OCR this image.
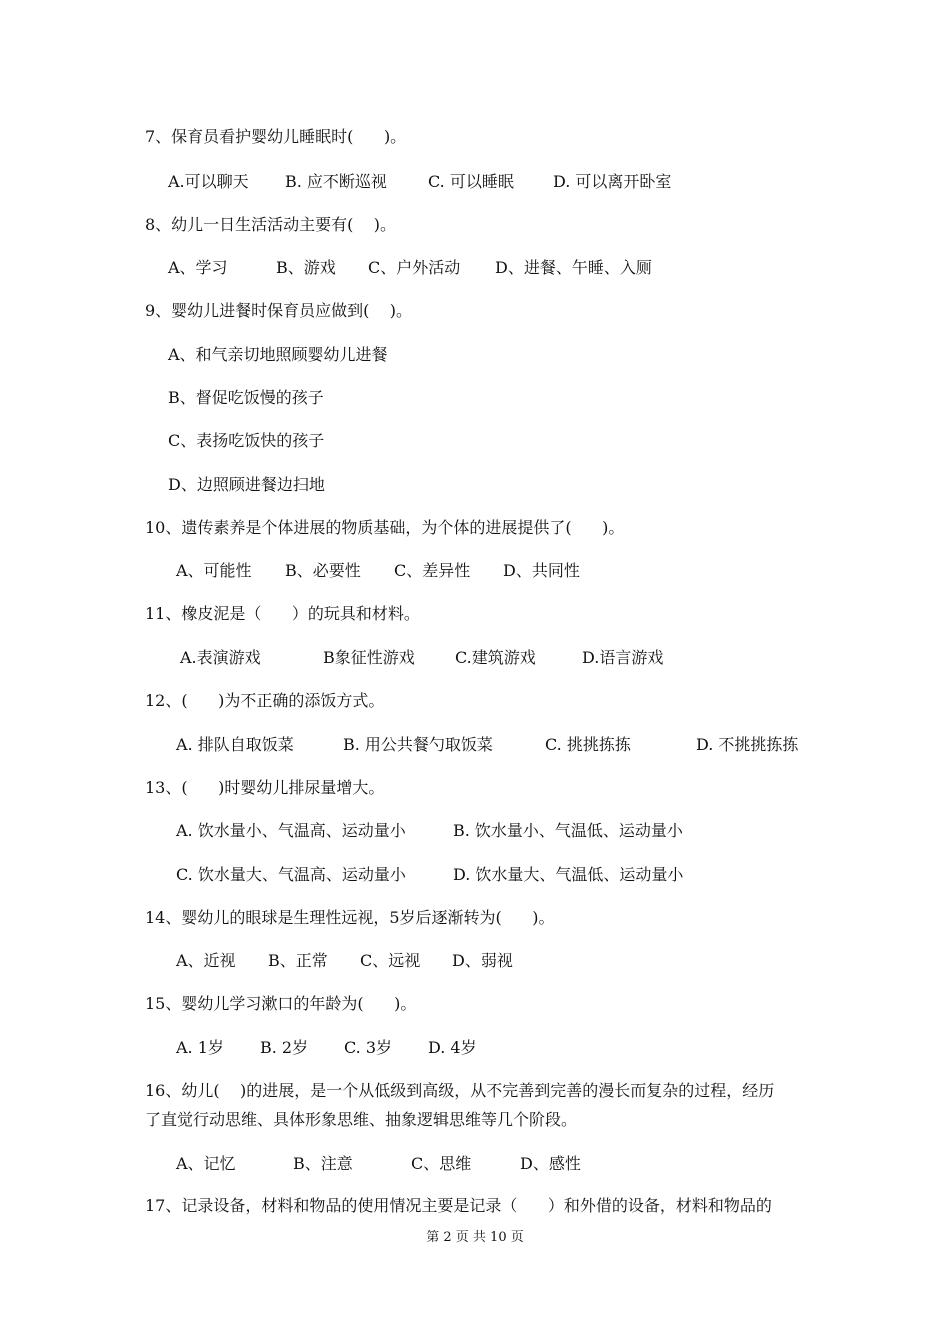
7、保育员看护婴幼儿睡眠时(      )。
A.可以聊天 B. 应不断巡视	C. 可以睡眠 D. 可以离开卧室
8、幼儿一日生活活动主要有(    )。
A、学习	B、游戏 C、户外活动 D、进餐、午睡、入厕
9、婴幼儿进餐时保育员应做到(    )。
A、和气亲切地照顾婴幼儿进餐
B、督促吃饭慢的孩子
C、表扬吃饭快的孩子
D、边照顾进餐边扫地
10、遗传素养是个体进展的物质基础，为个体的进展提供了(      )。
A、可能性 B、必要性 C、差异性 D、共同性
11、橡皮泥是（      ）的玩具和材料。
A.表演游戏	B象征性游戏	C.建筑游戏	D.语言游戏
12、(      )为不正确的添饭方式。
A. 排队自取饭菜	B. 用公共餐勺取饭菜	C. 挑挑拣拣	D. 不挑挑拣拣
13、(      )时婴幼儿排尿量增大。
A. 饮水量小、气温高、运动量小	B. 饮水量小、气温低、运动量小
C. 饮水量大、气温高、运动量小	D. 饮水量大、气温低、运动量小
14、婴幼儿的眼球是生理性远视，5岁后逐渐转为(      )。
A、近视 B、正常 C、远视 D、弱视
15、婴幼儿学习漱口的年龄为(      )。
A. 1岁 B. 2岁 C. 3岁 D. 4岁
16、幼儿(    )的进展，是一个从低级到高级，从不完善到完善的漫长而复杂的过程，经历
了直觉行动思维、具体形象思维、抽象逻辑思维等几个阶段。
A、记忆	B、注意	C、思维	D、感性
17、记录设备，材料和物品的使用情况主要是记录（      ）和外借的设备，材料和物品的
第 2 页 共 10 页
